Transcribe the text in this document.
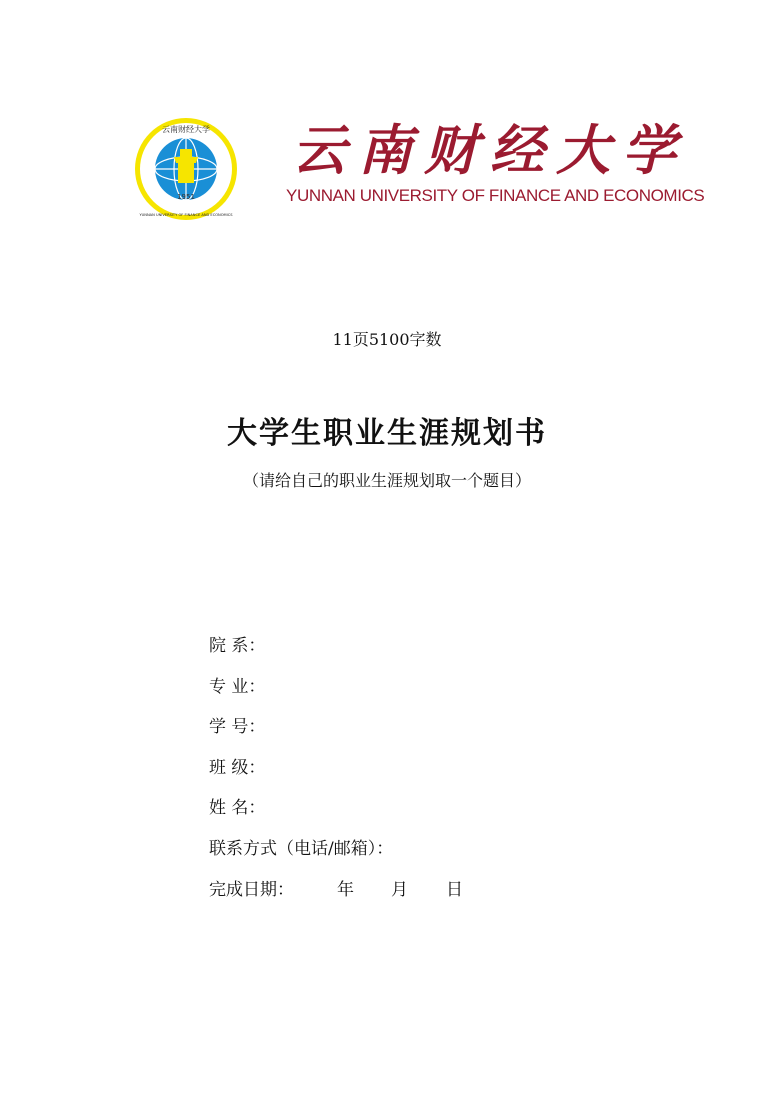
1951
云南财经大学
YUNNAN UNIVERSITY OF FINANCE AND ECONOMICS
云南财经大学
YUNNAN UNIVERSITY OF FINANCE AND ECONOMICS
11页5100字数
大学生职业生涯规划书
（请给自己的职业生涯规划取一个题目）
院 系：
专 业：
学 号：
班 级：
姓 名：
联系方式（电话/邮箱）：
完成日期：	年 月 日
